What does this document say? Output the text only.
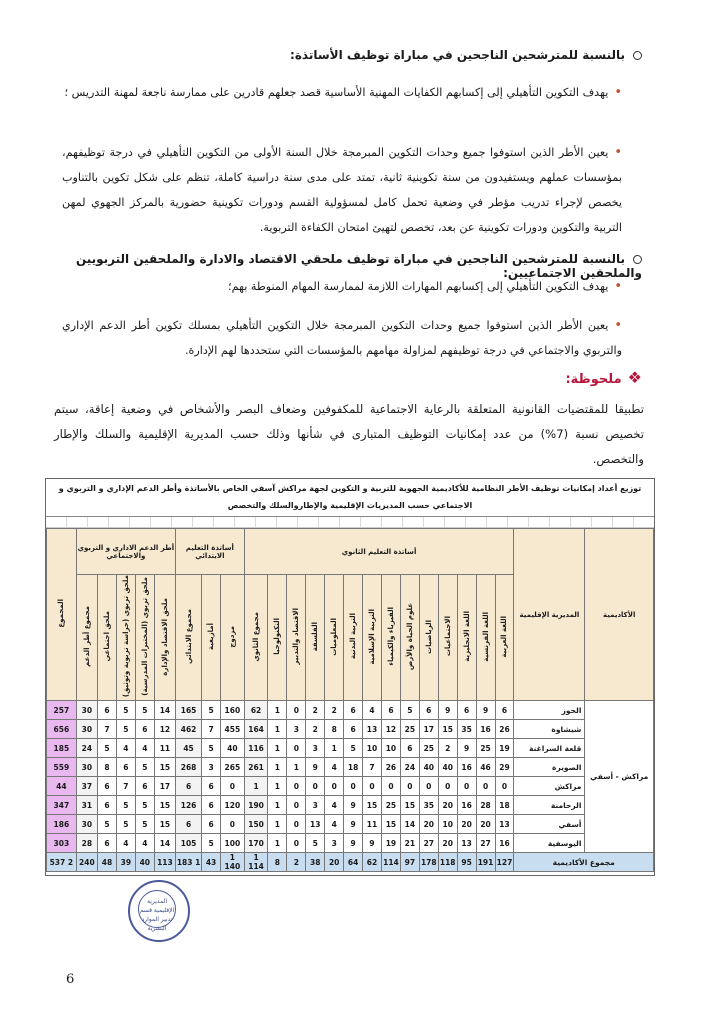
بالنسبة للمترشحين الناجحين في مباراة توظيف الأساتذة:
•يهدف التكوين التأهيلي إلى إكسابهم الكفايات المهنية الأساسية قصد جعلهم قادرين على ممارسة ناجعة لمهنة التدريس ؛
•يعين الأطر الذين استوفوا جميع وحدات التكوين المبرمجة خلال السنة الأولى من التكوين التأهيلي في درجة توظيفهم، بمؤسسات عملهم ويستفيدون من سنة تكوينية ثانية، تمتد على مدى سنة دراسية كاملة، تنظم على شكل تكوين بالتناوب يخصص لإجراء تدريب مؤطر في وضعية تحمل كامل لمسؤولية القسم ودورات تكوينية حضورية بالمركز الجهوي لمهن التربية والتكوين ودورات تكوينية عن بعد، تخصص لتهيئ امتحان الكفاءة التربوية.
بالنسبة للمترشحين الناجحين في مباراة توظيف ملحقي الاقتصاد والادارة والملحقين التربويين والملحقين الاجتماعيين:
•يهدف التكوين التأهيلي إلى إكسابهم المهارات اللازمة لممارسة المهام المنوطة بهم؛
•يعين الأطر الذين استوفوا جميع وحدات التكوين المبرمجة خلال التكوين التأهيلي بمسلك تكوين أطر الدعم الإداري والتربوي والاجتماعي في درجة توظيفهم لمزاولة مهامهم بالمؤسسات التي ستحددها لهم الإدارة.
❖ملحوظة:
تطبيقا للمقتضيات القانونية المتعلقة بالرعاية الاجتماعية للمكفوفين وضعاف البصر والأشخاص في وضعية إعاقة، سيتم تخصيص نسبة (7%) من عدد إمكانيات التوظيف المتبارى في شأنها وذلك حسب المديرية الإقليمية والسلك والإطار والتخصص.
توزيع أعداد إمكانيات توظيف الأطر النظامية للأكاديمية الجهوية للتربية و التكوين لجهة مراكش آسفي الخاص بالأساتذة وأطر الدعم الإداري و التربوي و الاجتماعي حسب المديريات الإقليمية والإطاروالسلك والتخصص
الأكاديمية	المديرية الإقليمية	أساتذة التعليم الثانوي														أساتذة التعليم الابتدائي			أطر الدعم الاداري و التربوي والاجتماعي					المجموع
		اللغة العربية	اللغة الفرنسية	اللغة الانجليزية	الاجتماعيات	الرياضيات	علوم الحياة والأرض	الفيزياء والكيمياء	التربية الإسلامية	التربية البدنية	المعلوميات	الفلسفة	الاقتصاد والتدبير	التكنولوجيا	مجموع الثانوي	مزدوج	أمازيغية	مجموع الابتدائي	ملحق الاقتصاد والإدارة	ملحق تربوي (المختبرات المدرسية)	ملحق تربوي (حراسة تربوية وتوثيق)	ملحق اجتماعي	مجموع أطر الدعم	
مراكش - أسفي	الحوز	6	9	6	9	6	5	6	4	6	2	2	0	1	62	160	5	165	14	5	5	6	30	257
	شيشاوة	26	16	35	15	17	25	12	13	6	8	2	3	1	164	455	7	462	12	6	5	7	30	656
	قلعة السراغنة	19	25	9	2	25	6	10	10	5	1	3	0	1	116	40	5	45	11	4	4	5	24	185
	الصويرة	29	46	16	40	40	24	26	7	18	4	9	1	1	261	265	3	268	15	5	6	8	30	559
	مراكش	0	0	0	0	0	0	0	0	0	0	0	0	1	1	0	6	6	17	6	7	6	37	44
	الرحامنة	18	28	16	20	35	15	25	15	9	4	3	0	1	190	120	6	126	15	5	5	6	31	347
	أسفي	13	20	20	10	20	14	15	11	9	4	13	0	1	150	0	6	6	15	5	5	5	30	186
	اليوسفية	16	27	13	20	27	21	19	9	9	3	5	0	1	170	100	5	105	14	4	4	6	28	303
مجموع الأكاديمية		127	191	95	118	178	97	114	62	64	20	38	2	8	1 114	1 140	43	1 183	113	40	39	48	240	2 537
المديرية الإقليمية قسم تدبير الموارد البشرية
6
